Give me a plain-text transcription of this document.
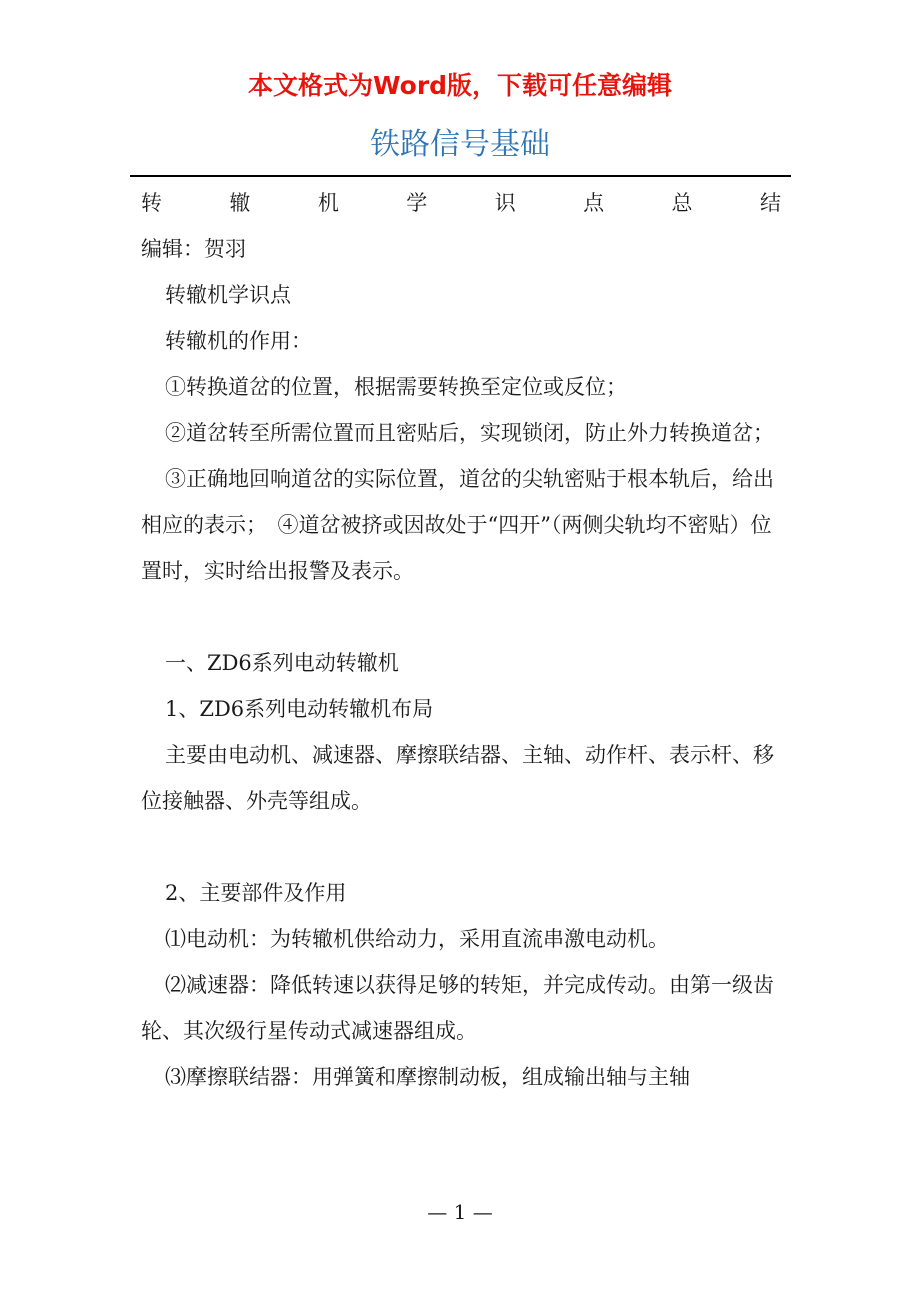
本文格式为Word版，下载可任意编辑
铁路信号基础

转	辙	机	学	识	点	总	结

编辑：贺羽

转辙机学识点

转辙机的作用：

①转换道岔的位置，根据需要转换至定位或反位；

②道岔转至所需位置而且密贴后，实现锁闭，防止外力转换道岔；

③正确地回响道岔的实际位置，道岔的尖轨密贴于根本轨后，给出相应的表示；　④道岔被挤或因故处于“四开”（两侧尖轨均不密贴）位置时，实时给出报警及表示。

一、ZD6系列电动转辙机

1、ZD6系列电动转辙机布局

主要由电动机、减速器、摩擦联结器、主轴、动作杆、表示杆、移位接触器、外壳等组成。

2、主要部件及作用

⑴电动机：为转辙机供给动力，采用直流串激电动机。

⑵减速器：降低转速以获得足够的转矩，并完成传动。由第一级齿轮、其次级行星传动式减速器组成。

⑶摩擦联结器：用弹簧和摩擦制动板，组成输出轴与主轴

— 1 —
